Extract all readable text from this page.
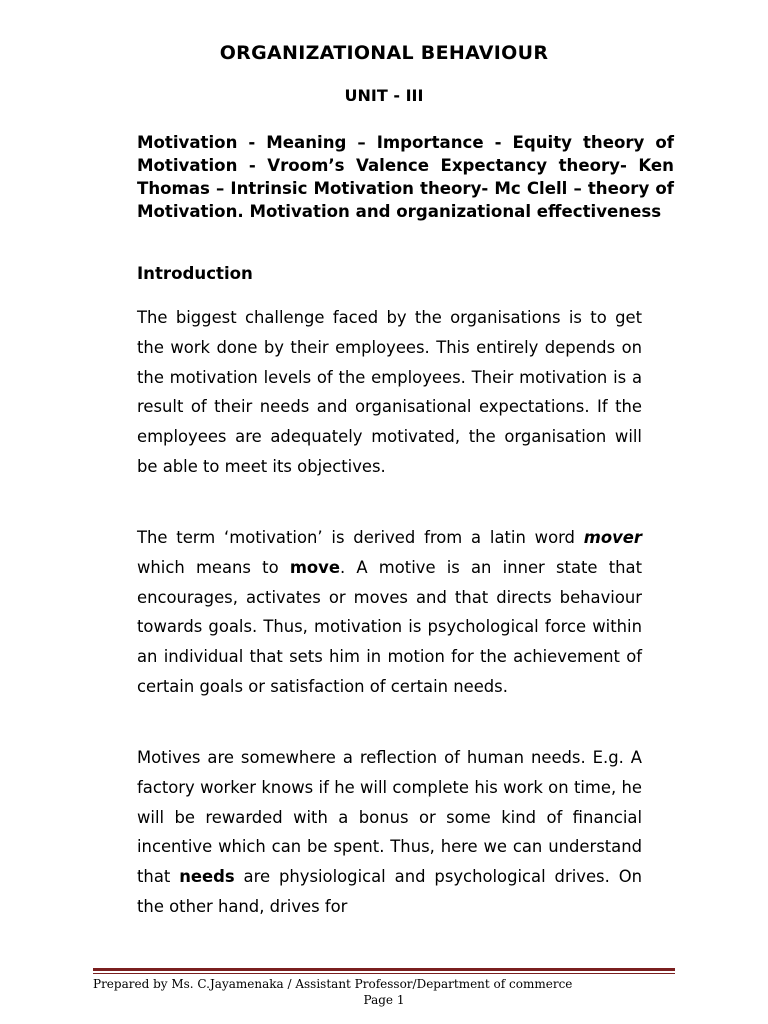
ORGANIZATIONAL BEHAVIOUR
UNIT - III
Motivation - Meaning – Importance - Equity theory of Motivation - Vroom’s Valence Expectancy theory- Ken Thomas – Intrinsic Motivation theory- Mc Clell – theory of Motivation. Motivation and organizational effectiveness
Introduction

The biggest challenge faced by the organisations is to get the work done by their employees. This entirely depends on the motivation levels of the employees. Their motivation is a result of their needs and organisational expectations. If the employees are adequately motivated, the organisation will be able to meet its objectives.

The term ‘motivation’ is derived from a latin word mover which means to move. A motive is an inner state that encourages, activates or moves and that directs behaviour towards goals. Thus, motivation is psychological force within an individual that sets him in motion for the achievement of certain goals or satisfaction of certain needs.

Motives are somewhere a reflection of human needs. E.g. A factory worker knows if he will complete his work on time, he will be rewarded with a bonus or some kind of financial incentive which can be spent. Thus, here we can understand that needs are physiological and psychological drives. On the other hand, drives for

Prepared by Ms. C.Jayamenaka / Assistant Professor/Department of commerce
Page 1
